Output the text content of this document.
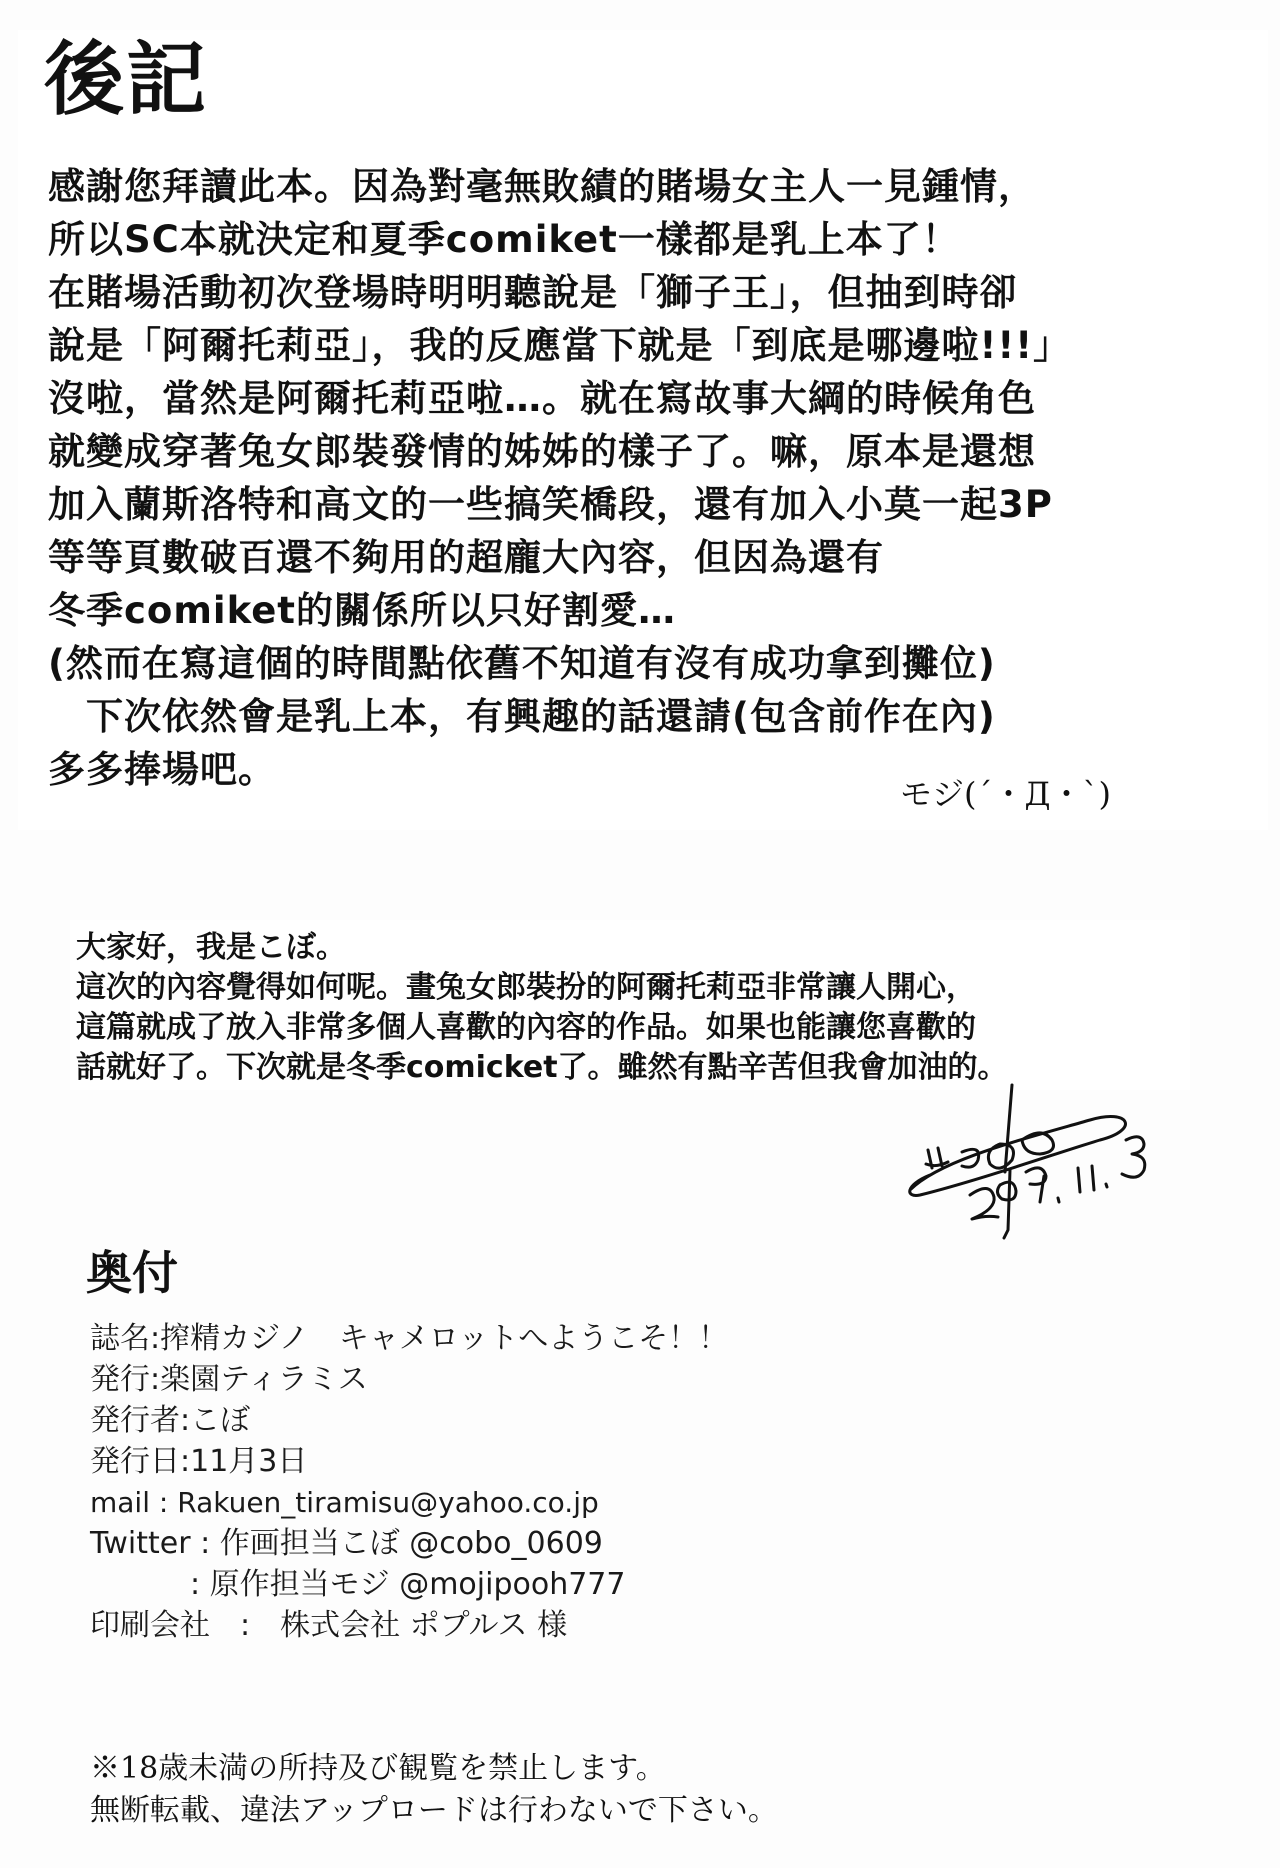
後記
感謝您拜讀此本。因為對毫無敗績的賭場女主人一見鍾情，
所以SC本就決定和夏季comiket一樣都是乳上本了！
在賭場活動初次登場時明明聽說是「獅子王」，但抽到時卻
說是「阿爾托莉亞」，我的反應當下就是「到底是哪邊啦!!!」
沒啦，當然是阿爾托莉亞啦…。就在寫故事大綱的時候角色
就變成穿著兔女郎裝發情的姊姊的樣子了。嘛，原本是還想
加入蘭斯洛特和高文的一些搞笑橋段，還有加入小莫一起3P
等等頁數破百還不夠用的超龐大內容，但因為還有
冬季comiket的關係所以只好割愛…
(然而在寫這個的時間點依舊不知道有沒有成功拿到攤位)
　下次依然會是乳上本，有興趣的話還請(包含前作在內)
多多捧場吧。
モジ(´・Д・`)
大家好，我是こぼ。
這次的內容覺得如何呢。畫兔女郎裝扮的阿爾托莉亞非常讓人開心，
這篇就成了放入非常多個人喜歡的內容的作品。如果也能讓您喜歡的
話就好了。下次就是冬季comicket了。雖然有點辛苦但我會加油的。
奥付
誌名 : 搾精カジノ　キャメロットへようこそ！！
発行 : 楽園ティラミス
発行者 : こぼ
発行日 : 11月3日
mail : Rakuen_tiramisu@yahoo.co.jp
Twitter : 作画担当こぼ @cobo_0609
: 原作担当モジ @mojipooh777
印刷会社 　:　 株式会社 ポプルス 様
※18歳未満の所持及び観覧を禁止します。
無断転載、違法アップロードは行わないで下さい。
